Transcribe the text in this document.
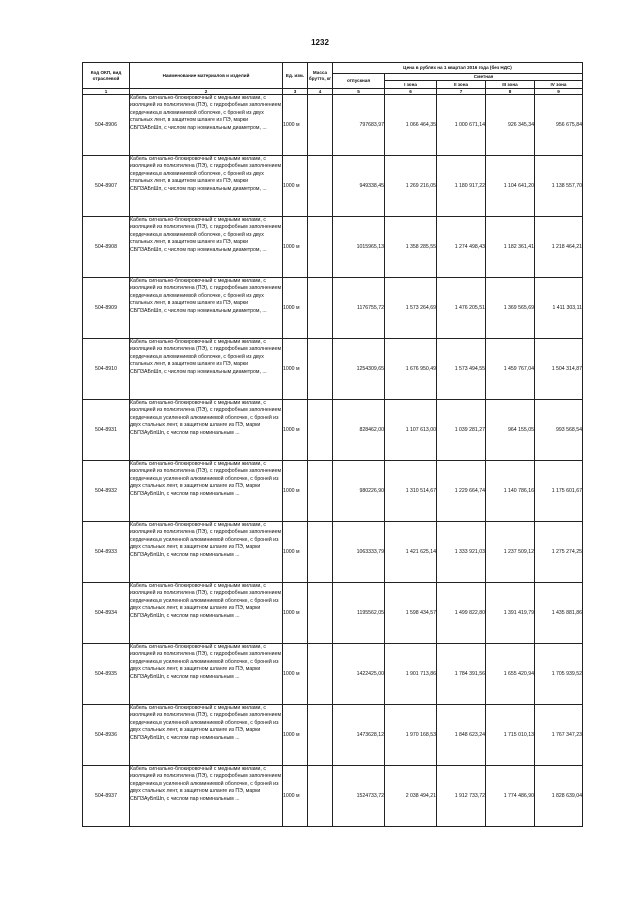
1232
Код ОКП, вид отраслевой	Наименование материалов и изделий	Ед. изм.	Масса брутто, кг	Цена в рублях на 1 квартал 2016 года (без НДС)				
				отпускная	Сметная			
					I зона	II зона	III зона	IV зона
1	2	3	4	5	6	7	8	9
504-8906	Кабель сигнально-блокировочный с медными жилами, с изоляцией из полиэтилена (ПЭ), с гидрофобным заполнением сердечника,в алюминиевой оболочке, с броней из двух стальных лент, в защитном шланге из ПЭ, марки СБПЗАБпШп, с числом пар номинальным диаметром, ...	1000 м		797683,97	1 066 464,35	1 000 671,14	926 345,34	956 675,84
504-8907	Кабель сигнально-блокировочный с медными жилами, с изоляцией из полиэтилена (ПЭ), с гидрофобным заполнением сердечника,в алюминиевой оболочке, с броней из двух стальных лент, в защитном шланге из ПЭ, марки СБПЗАБпШп, с числом пар номинальным диаметром, ...	1000 м		949338,45	1 269 216,05	1 180 917,22	1 104 641,20	1 138 557,70
504-8908	Кабель сигнально-блокировочный с медными жилами, с изоляцией из полиэтилена (ПЭ), с гидрофобным заполнением сердечника,в алюминиевой оболочке, с броней из двух стальных лент, в защитном шланге из ПЭ, марки СБПЗАБпШп, с числом пар номинальным диаметром, ...	1000 м		1015965,13	1 358 285,55	1 274 498,43	1 182 361,41	1 218 464,21
504-8909	Кабель сигнально-блокировочный с медными жилами, с изоляцией из полиэтилена (ПЭ), с гидрофобным заполнением сердечника,в алюминиевой оболочке, с броней из двух стальных лент, в защитном шланге из ПЭ, марки СБПЗАБпШп, с числом пар номинальным диаметром, ...	1000 м		1176755,72	1 573 264,69	1 476 205,51	1 369 565,69	1 411 303,11
504-8910	Кабель сигнально-блокировочный с медными жилами, с изоляцией из полиэтилена (ПЭ), с гидрофобным заполнением сердечника,в алюминиевой оболочке, с броней из двух стальных лент, в защитном шланге из ПЭ, марки СБПЗАБпШп, с числом пар номинальным диаметром, ...	1000 м		1254309,65	1 676 950,49	1 573 494,55	1 459 767,04	1 504 314,87
504-8931	Кабель сигнально-блокировочный с медными жилами, с изоляцией из полиэтилена (ПЭ), с гидрофобным заполнением сердечника,в усиленной алюминиевой оболочке, с броней из двух стальных лент, в защитном шланге из ПЭ, марки СБПЗАуБпШп, с числом пар номинальным ...	1000 м		828462,00	1 107 613,00	1 039 281,27	964 155,05	993 568,54
504-8932	Кабель сигнально-блокировочный с медными жилами, с изоляцией из полиэтилена (ПЭ), с гидрофобным заполнением сердечника,в усиленной алюминиевой оболочке, с броней из двух стальных лент, в защитном шланге из ПЭ, марки СБПЗАуБпШп, с числом пар номинальным ...	1000 м		980226,90	1 310 514,67	1 229 664,74	1 140 786,16	1 175 601,67
504-8933	Кабель сигнально-блокировочный с медными жилами, с изоляцией из полиэтилена (ПЭ), с гидрофобным заполнением сердечника,в усиленной алюминиевой оболочке, с броней из двух стальных лент, в защитном шланге из ПЭ, марки СБПЗАуБпШп, с числом пар номинальным ...	1000 м		1063333,79	1 421 625,14	1 333 921,03	1 237 509,12	1 275 274,25
504-8934	Кабель сигнально-блокировочный с медными жилами, с изоляцией из полиэтилена (ПЭ), с гидрофобным заполнением сердечника,в усиленной алюминиевой оболочке, с броней из двух стальных лент, в защитном шланге из ПЭ, марки СБПЗАуБпШп, с числом пар номинальным ...	1000 м		1195562,05	1 598 434,57	1 499 822,80	1 391 419,79	1 435 881,86
504-8935	Кабель сигнально-блокировочный с медными жилами, с изоляцией из полиэтилена (ПЭ), с гидрофобным заполнением сердечника,в усиленной алюминиевой оболочке, с броней из двух стальных лент, в защитном шланге из ПЭ, марки СБПЗАуБпШп, с числом пар номинальным ...	1000 м		1422425,00	1 901 713,86	1 784 391,56	1 655 420,94	1 705 939,52
504-8936	Кабель сигнально-блокировочный с медными жилами, с изоляцией из полиэтилена (ПЭ), с гидрофобным заполнением сердечника,в усиленной алюминиевой оболочке, с броней из двух стальных лент, в защитном шланге из ПЭ, марки СБПЗАуБпШп, с числом пар номинальным ...	1000 м		1473628,12	1 970 168,53	1 848 623,24	1 715 010,13	1 767 347,23
504-8937	Кабель сигнально-блокировочный с медными жилами, с изоляцией из полиэтилена (ПЭ), с гидрофобным заполнением сердечника,в усиленной алюминиевой оболочке, с броней из двух стальных лент, в защитном шланге из ПЭ, марки СБПЗАуБпШп, с числом пар номинальным ...	1000 м		1524733,72	2 038 494,21	1 912 733,72	1 774 486,90	1 828 639,04
